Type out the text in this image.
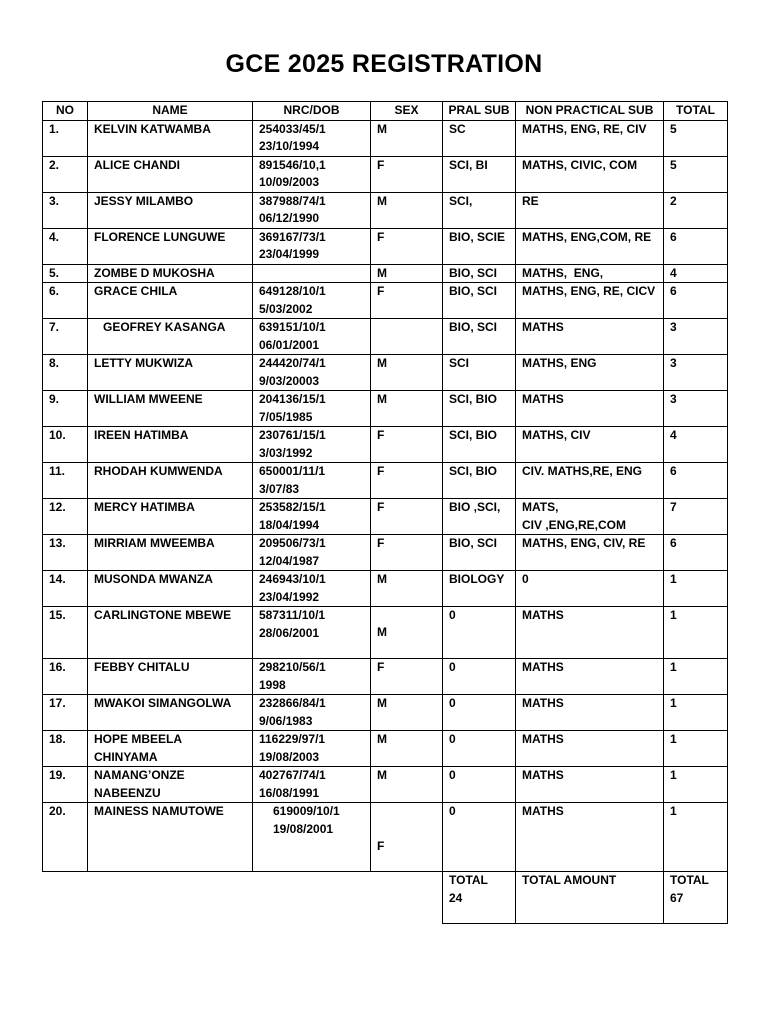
GCE 2025 REGISTRATION
NO	NAME	NRC/DOB	SEX	PRAL SUB	NON PRACTICAL SUB	TOTAL
1.	KELVIN KATWAMBA	254033/45/1
23/10/1994	M	SC	MATHS, ENG, RE, CIV	5
2.	ALICE CHANDI	891546/10,1
10/09/2003	F	SCI, BI	MATHS, CIVIC, COM	5
3.	JESSY MILAMBO	387988/74/1
06/12/1990	M	SCI,	RE	2
4.	FLORENCE LUNGUWE	369167/73/1
23/04/1999	F	BIO, SCIE	MATHS, ENG,COM, RE	6
5.	ZOMBE D MUKOSHA		M	BIO, SCI	MATHS,  ENG,	4
6.	GRACE CHILA	649128/10/1
5/03/2002	F	BIO, SCI	MATHS, ENG, RE, CICV	6
7.	GEOFREY KASANGA	639151/10/1
06/01/2001		BIO, SCI	MATHS	3
8.	LETTY MUKWIZA	244420/74/1
9/03/20003	M	SCI	MATHS, ENG	3
9.	WILLIAM MWEENE	204136/15/1
7/05/1985	M	SCI, BIO	MATHS	3
10.	IREEN HATIMBA	230761/15/1
3/03/1992	F	SCI, BIO	MATHS, CIV	4
11.	RHODAH KUMWENDA	650001/11/1
3/07/83	F	SCI, BIO	CIV. MATHS,RE, ENG	6
12.	MERCY HATIMBA	253582/15/1
18/04/1994	F	BIO ,SCI,	MATS,
CIV ,ENG,RE,COM	7
13.	MIRRIAM MWEEMBA	209506/73/1
12/04/1987	F	BIO, SCI	MATHS, ENG, CIV, RE	6
14.	MUSONDA MWANZA	246943/10/1
23/04/1992	M	BIOLOGY	0	1
15.	CARLINGTONE MBEWE	587311/10/1
28/06/2001	M	0	MATHS	1
16.	FEBBY CHITALU	298210/56/1
1998	F	0	MATHS	1
17.	MWAKOI SIMANGOLWA	232866/84/1
9/06/1983	M	0	MATHS	1
18.	HOPE MBEELA
CHINYAMA	116229/97/1
19/08/2003	M	0	MATHS	1
19.	NAMANG’ONZE
NABEENZU	402767/74/1
16/08/1991	M	0	MATHS	1
20.	MAINESS NAMUTOWE	619009/10/1
19/08/2001	F	0	MATHS	1
				TOTAL
24	TOTAL AMOUNT	TOTAL
67
